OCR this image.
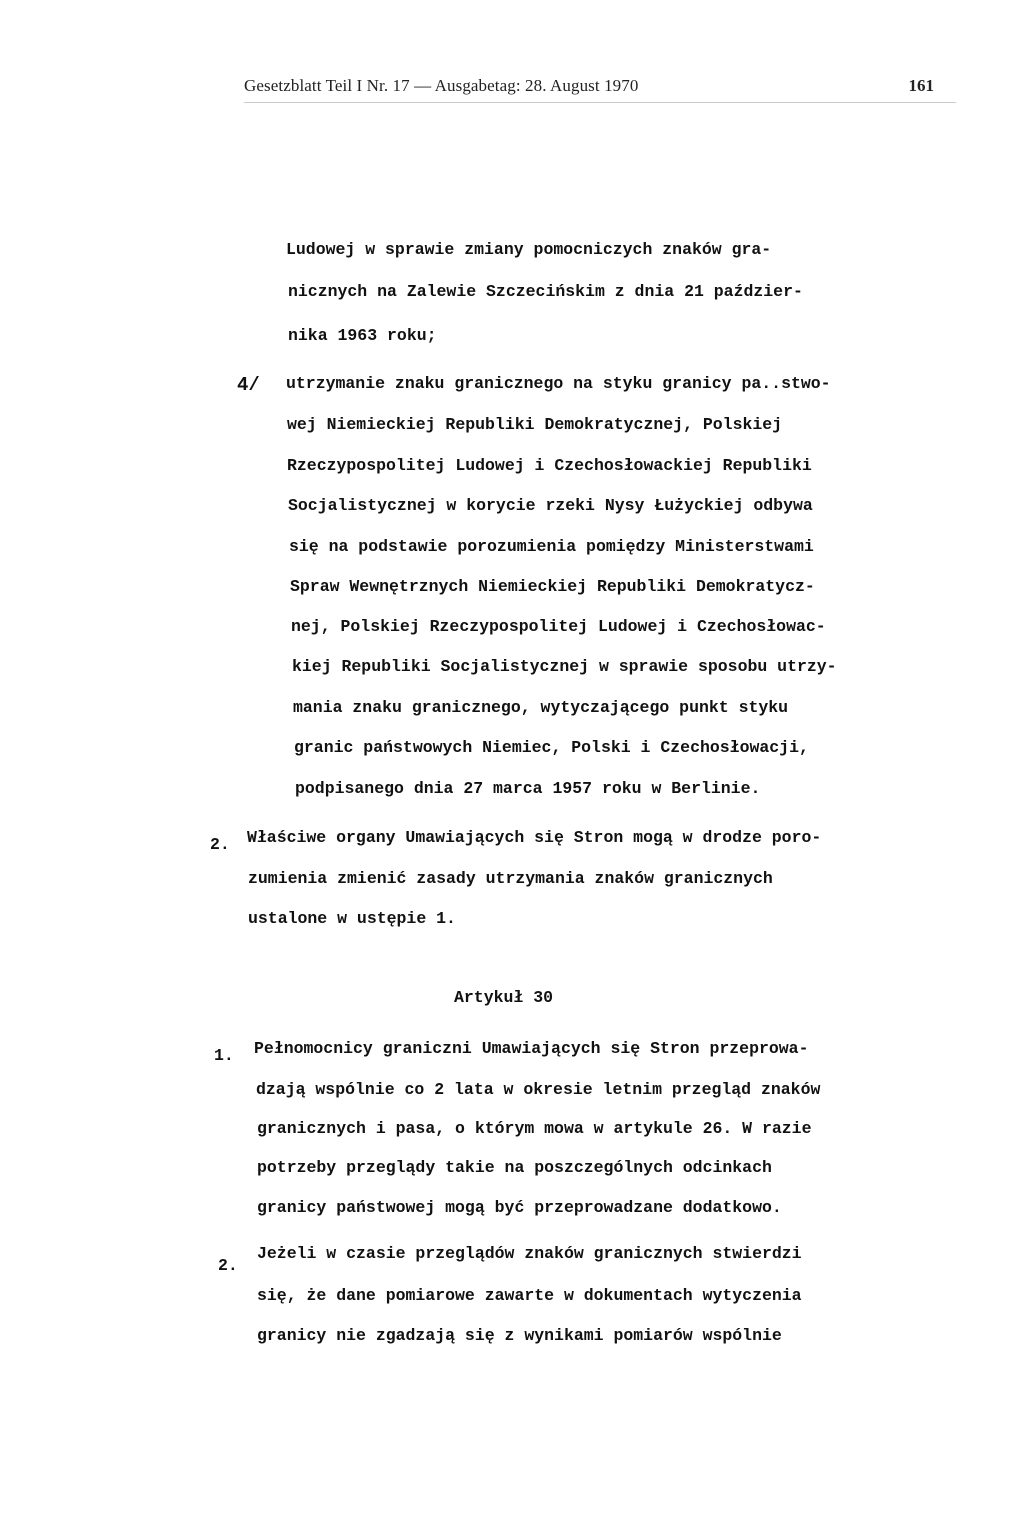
Gesetzblatt Teil I Nr. 17 — Ausgabetag: 28. August 1970	161
Ludowej w sprawie zmiany pomocniczych znaków gra-
nicznych na Zalewie Szczecińskim z dnia 21 paździer-
nika 1963 roku;
4/ utrzymanie znaku granicznego na styku granicy pa..stwo-
wej Niemieckiej Republiki Demokratycznej, Polskiej
Rzeczypospolitej Ludowej i Czechosłowackiej Republiki
Socjalistycznej w korycie rzeki Nysy Łużyckiej odbywa
się na podstawie porozumienia pomiędzy Ministerstwami
Spraw Wewnętrznych Niemieckiej Republiki Demokratycz-
nej, Polskiej Rzeczypospolitej Ludowej i Czechosłowac-
kiej Republiki Socjalistycznej w sprawie sposobu utrzy-
mania znaku granicznego, wytyczającego punkt styku
granic państwowych Niemiec, Polski i Czechosłowacji,
podpisanego dnia 27 marca 1957 roku w Berlinie.
2. Właściwe organy Umawiających się Stron mogą w drodze poro-
zumienia zmienić zasady utrzymania znaków granicznych
ustalone w ustępie 1.
Artykuł 30
1. Pełnomocnicy graniczni Umawiających się Stron przeprowa-
dzają wspólnie co 2 lata w okresie letnim przegląd znaków
granicznych i pasa, o którym mowa w artykule 26. W razie
potrzeby przeglądy takie na poszczególnych odcinkach
granicy państwowej mogą być przeprowadzane dodatkowo.
2.
Jeżeli w czasie przeglądów znaków granicznych stwierdzi
się, że dane pomiarowe zawarte w dokumentach wytyczenia
granicy nie zgadzają się z wynikami pomiarów wspólnie
